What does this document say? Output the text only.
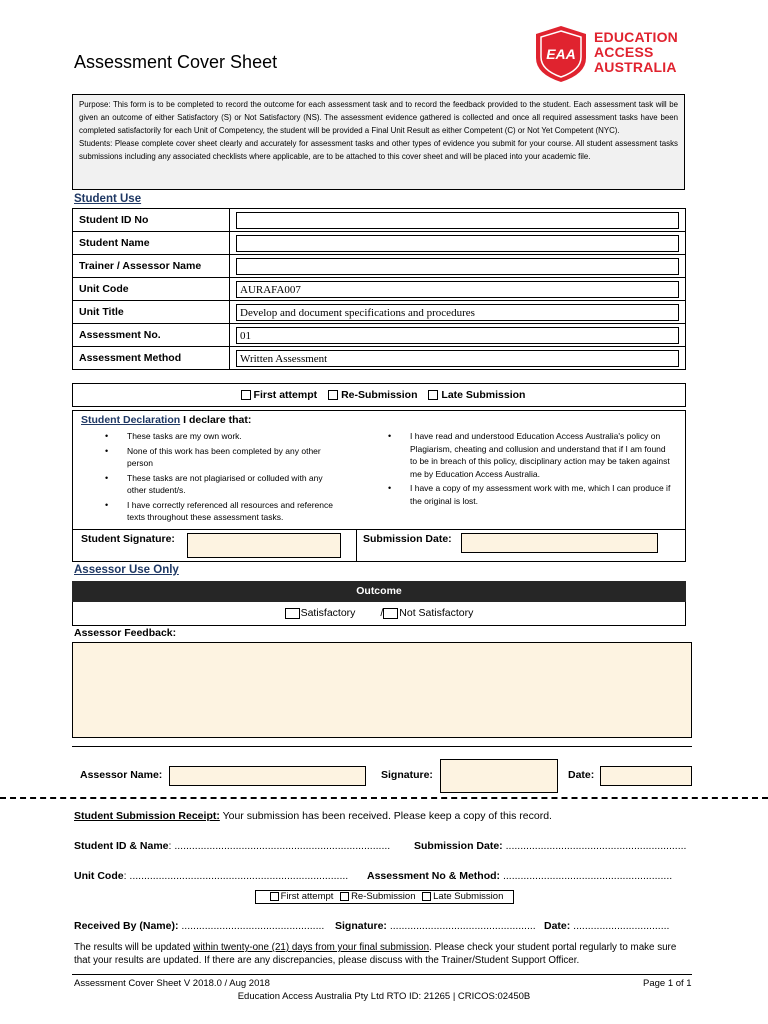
Assessment Cover Sheet	EAA
EDUCATION
ACCESS
AUSTRALIA
Purpose: This form is to be completed to record the outcome for each assessment task and to record the feedback provided to the student. Each assessment task will be given an outcome of either Satisfactory (S) or Not Satisfactory (NS). The assessment evidence gathered is collected and once all required assessment tasks have been completed satisfactorily for each Unit of Competency, the student will be provided a Final Unit Result as either Competent (C) or Not Yet Competent (NYC).
Students: Please complete cover sheet clearly and accurately for assessment tasks and other types of evidence you submit for your course. All student assessment tasks submissions including any associated checklists where applicable, are to be attached to this cover sheet and will be placed into your academic file.
Student Use
Student ID No	

Student Name	

Trainer / Assessor Name	

Unit Code	AURAFA007

Unit Title	Develop and document specifications and procedures

Assessment No.	01

Assessment Method	Written Assessment
First attempt Re-Submission Late Submission
Student Declaration I declare that:
• These tasks are my own work.
• None of this work has been completed by any other person
• These tasks are not plagiarised or colluded with any other student/s.
• I have correctly referenced all resources and reference texts throughout these assessment tasks.
• I have read and understood Education Access Australia's policy on Plagiarism, cheating and collusion and understand that if I am found to be in breach of this policy, disciplinary action may be taken against me by Education Access Australia.
• I have a copy of my assessment work with me, which I can produce if the original is lost.
Student Signature:	Submission Date:
Assessor Use Only
Outcome
Satisfactory / Not Satisfactory
Assessor Feedback:
Assessor Name:	Signature:	Date:
Student Submission Receipt: Your submission has been received. Please keep a copy of this record.
Student ID & Name: .......................................................................... Submission Date: ..............................................................
Unit Code: ........................................................................... Assessment No & Method: ..........................................................
First attempt Re-Submission Late Submission
Received By (Name): ................................................. Signature: .................................................. Date: .................................
The results will be updated within twenty-one (21) days from your final submission. Please check your student portal regularly to make sure that your results are updated. If there are any discrepancies, please discuss with the Trainer/Student Support Officer.
Assessment Cover Sheet V 2018.0 / Aug 2018	Page 1 of 1
Education Access Australia Pty Ltd RTO ID: 21265 | CRICOS:02450B
